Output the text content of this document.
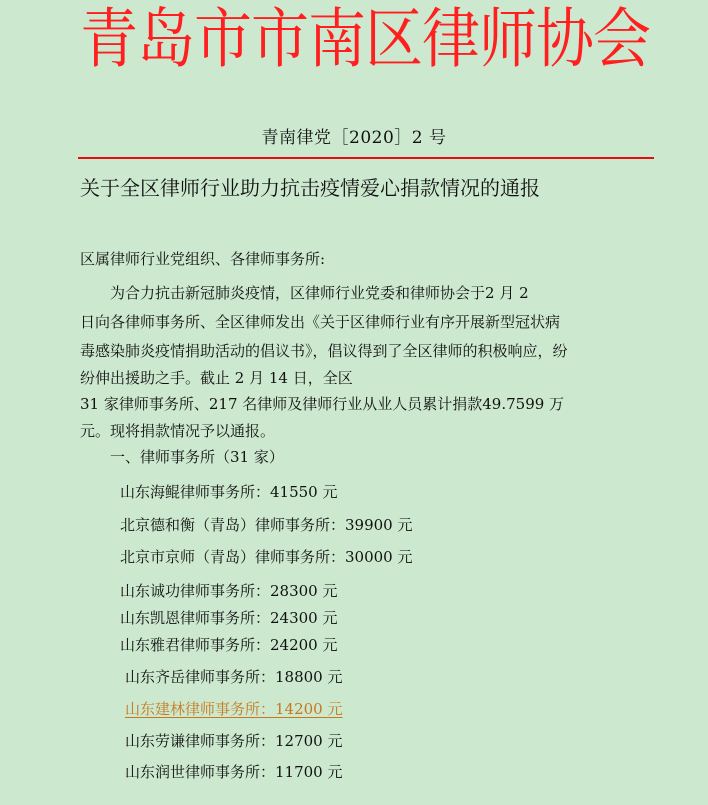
青岛市市南区律师协会
青南律党［2020］2 号
关于全区律师行业助力抗击疫情爱心捐款情况的通报
区属律师行业党组织、各律师事务所:
　　为合力抗击新冠肺炎疫情，区律师行业党委和律师协会于2 月 2
日向各律师事务所、全区律师发出《关于区律师行业有序开展新型冠状病
毒感染肺炎疫情捐助活动的倡议书》，倡议得到了全区律师的积极响应，纷
纷伸出援助之手。截止 2 月 14 日，全区
31 家律师事务所、217 名律师及律师行业从业人员累计捐款49.7599 万
元。现将捐款情况予以通报。
　　一、律师事务所（31 家）
山东海鲲律师事务所：41550 元
北京德和衡（青岛）律师事务所：39900 元
北京市京师（青岛）律师事务所：30000 元
山东诚功律师事务所：28300 元
山东凯恩律师事务所：24300 元
山东雅君律师事务所：24200 元
山东齐岳律师事务所：18800 元
山东建林律师事务所：14200 元
山东劳谦律师事务所：12700 元
山东润世律师事务所：11700 元
